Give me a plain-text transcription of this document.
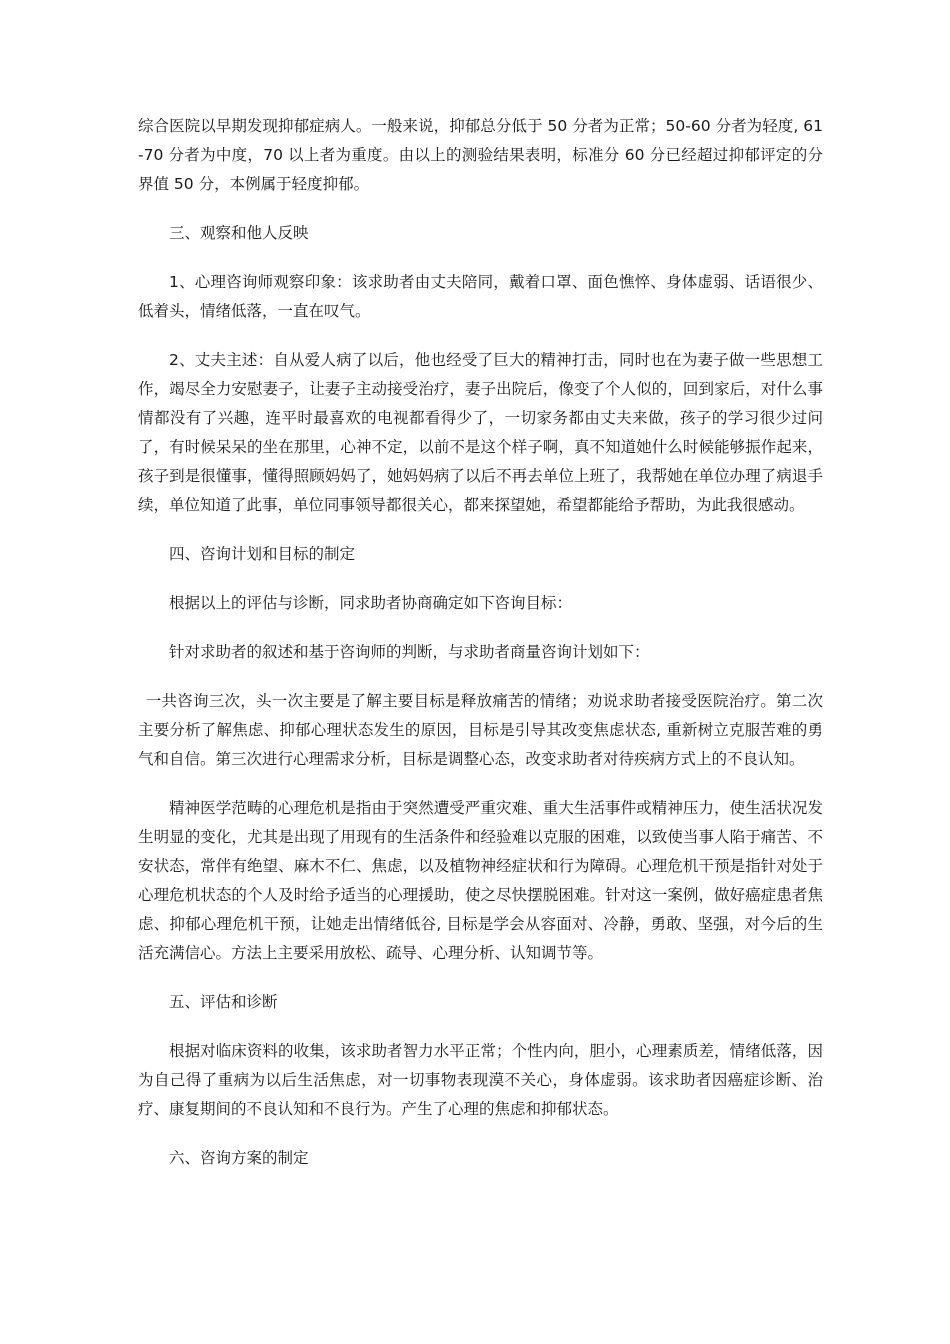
综合医院以早期发现抑郁症病人。一般来说，抑郁总分低于 50 分者为正常；50-60 分者为轻度, 61-70 分者为中度，70 以上者为重度。由以上的测验结果表明，标准分 60 分已经超过抑郁评定的分界值 50 分，本例属于轻度抑郁。

三、观察和他人反映

1、心理咨询师观察印象：该求助者由丈夫陪同，戴着口罩、面色憔悴、身体虚弱、话语很少、低着头，情绪低落，一直在叹气。

2、丈夫主述：自从爱人病了以后，他也经受了巨大的精神打击，同时也在为妻子做一些思想工作，竭尽全力安慰妻子，让妻子主动接受治疗，妻子出院后，像变了个人似的，回到家后，对什么事情都没有了兴趣，连平时最喜欢的电视都看得少了，一切家务都由丈夫来做，孩子的学习很少过问了，有时候呆呆的坐在那里，心神不定，以前不是这个样子啊，真不知道她什么时候能够振作起来，孩子到是很懂事，懂得照顾妈妈了，她妈妈病了以后不再去单位上班了，我帮她在单位办理了病退手续，单位知道了此事，单位同事领导都很关心，都来探望她，希望都能给予帮助，为此我很感动。

四、咨询计划和目标的制定

根据以上的评估与诊断，同求助者协商确定如下咨询目标：

针对求助者的叙述和基于咨询师的判断，与求助者商量咨询计划如下：

一共咨询三次，头一次主要是了解主要目标是释放痛苦的情绪；劝说求助者接受医院治疗。第二次主要分析了解焦虑、抑郁心理状态发生的原因，目标是引导其改变焦虑状态, 重新树立克服苦难的勇气和自信。第三次进行心理需求分析，目标是调整心态，改变求助者对待疾病方式上的不良认知。

精神医学范畴的心理危机是指由于突然遭受严重灾难、重大生活事件或精神压力，使生活状况发生明显的变化，尤其是出现了用现有的生活条件和经验难以克服的困难，以致使当事人陷于痛苦、不安状态，常伴有绝望、麻木不仁、焦虑，以及植物神经症状和行为障碍。心理危机干预是指针对处于心理危机状态的个人及时给予适当的心理援助，使之尽快摆脱困难。针对这一案例，做好癌症患者焦虑、抑郁心理危机干预，让她走出情绪低谷, 目标是学会从容面对、冷静，勇敢、坚强，对今后的生活充满信心。方法上主要采用放松、疏导、心理分析、认知调节等。

五、评估和诊断

根据对临床资料的收集，该求助者智力水平正常；个性内向，胆小，心理素质差，情绪低落，因为自己得了重病为以后生活焦虑，对一切事物表现漠不关心，身体虚弱。该求助者因癌症诊断、治疗、康复期间的不良认知和不良行为。产生了心理的焦虑和抑郁状态。

六、咨询方案的制定
